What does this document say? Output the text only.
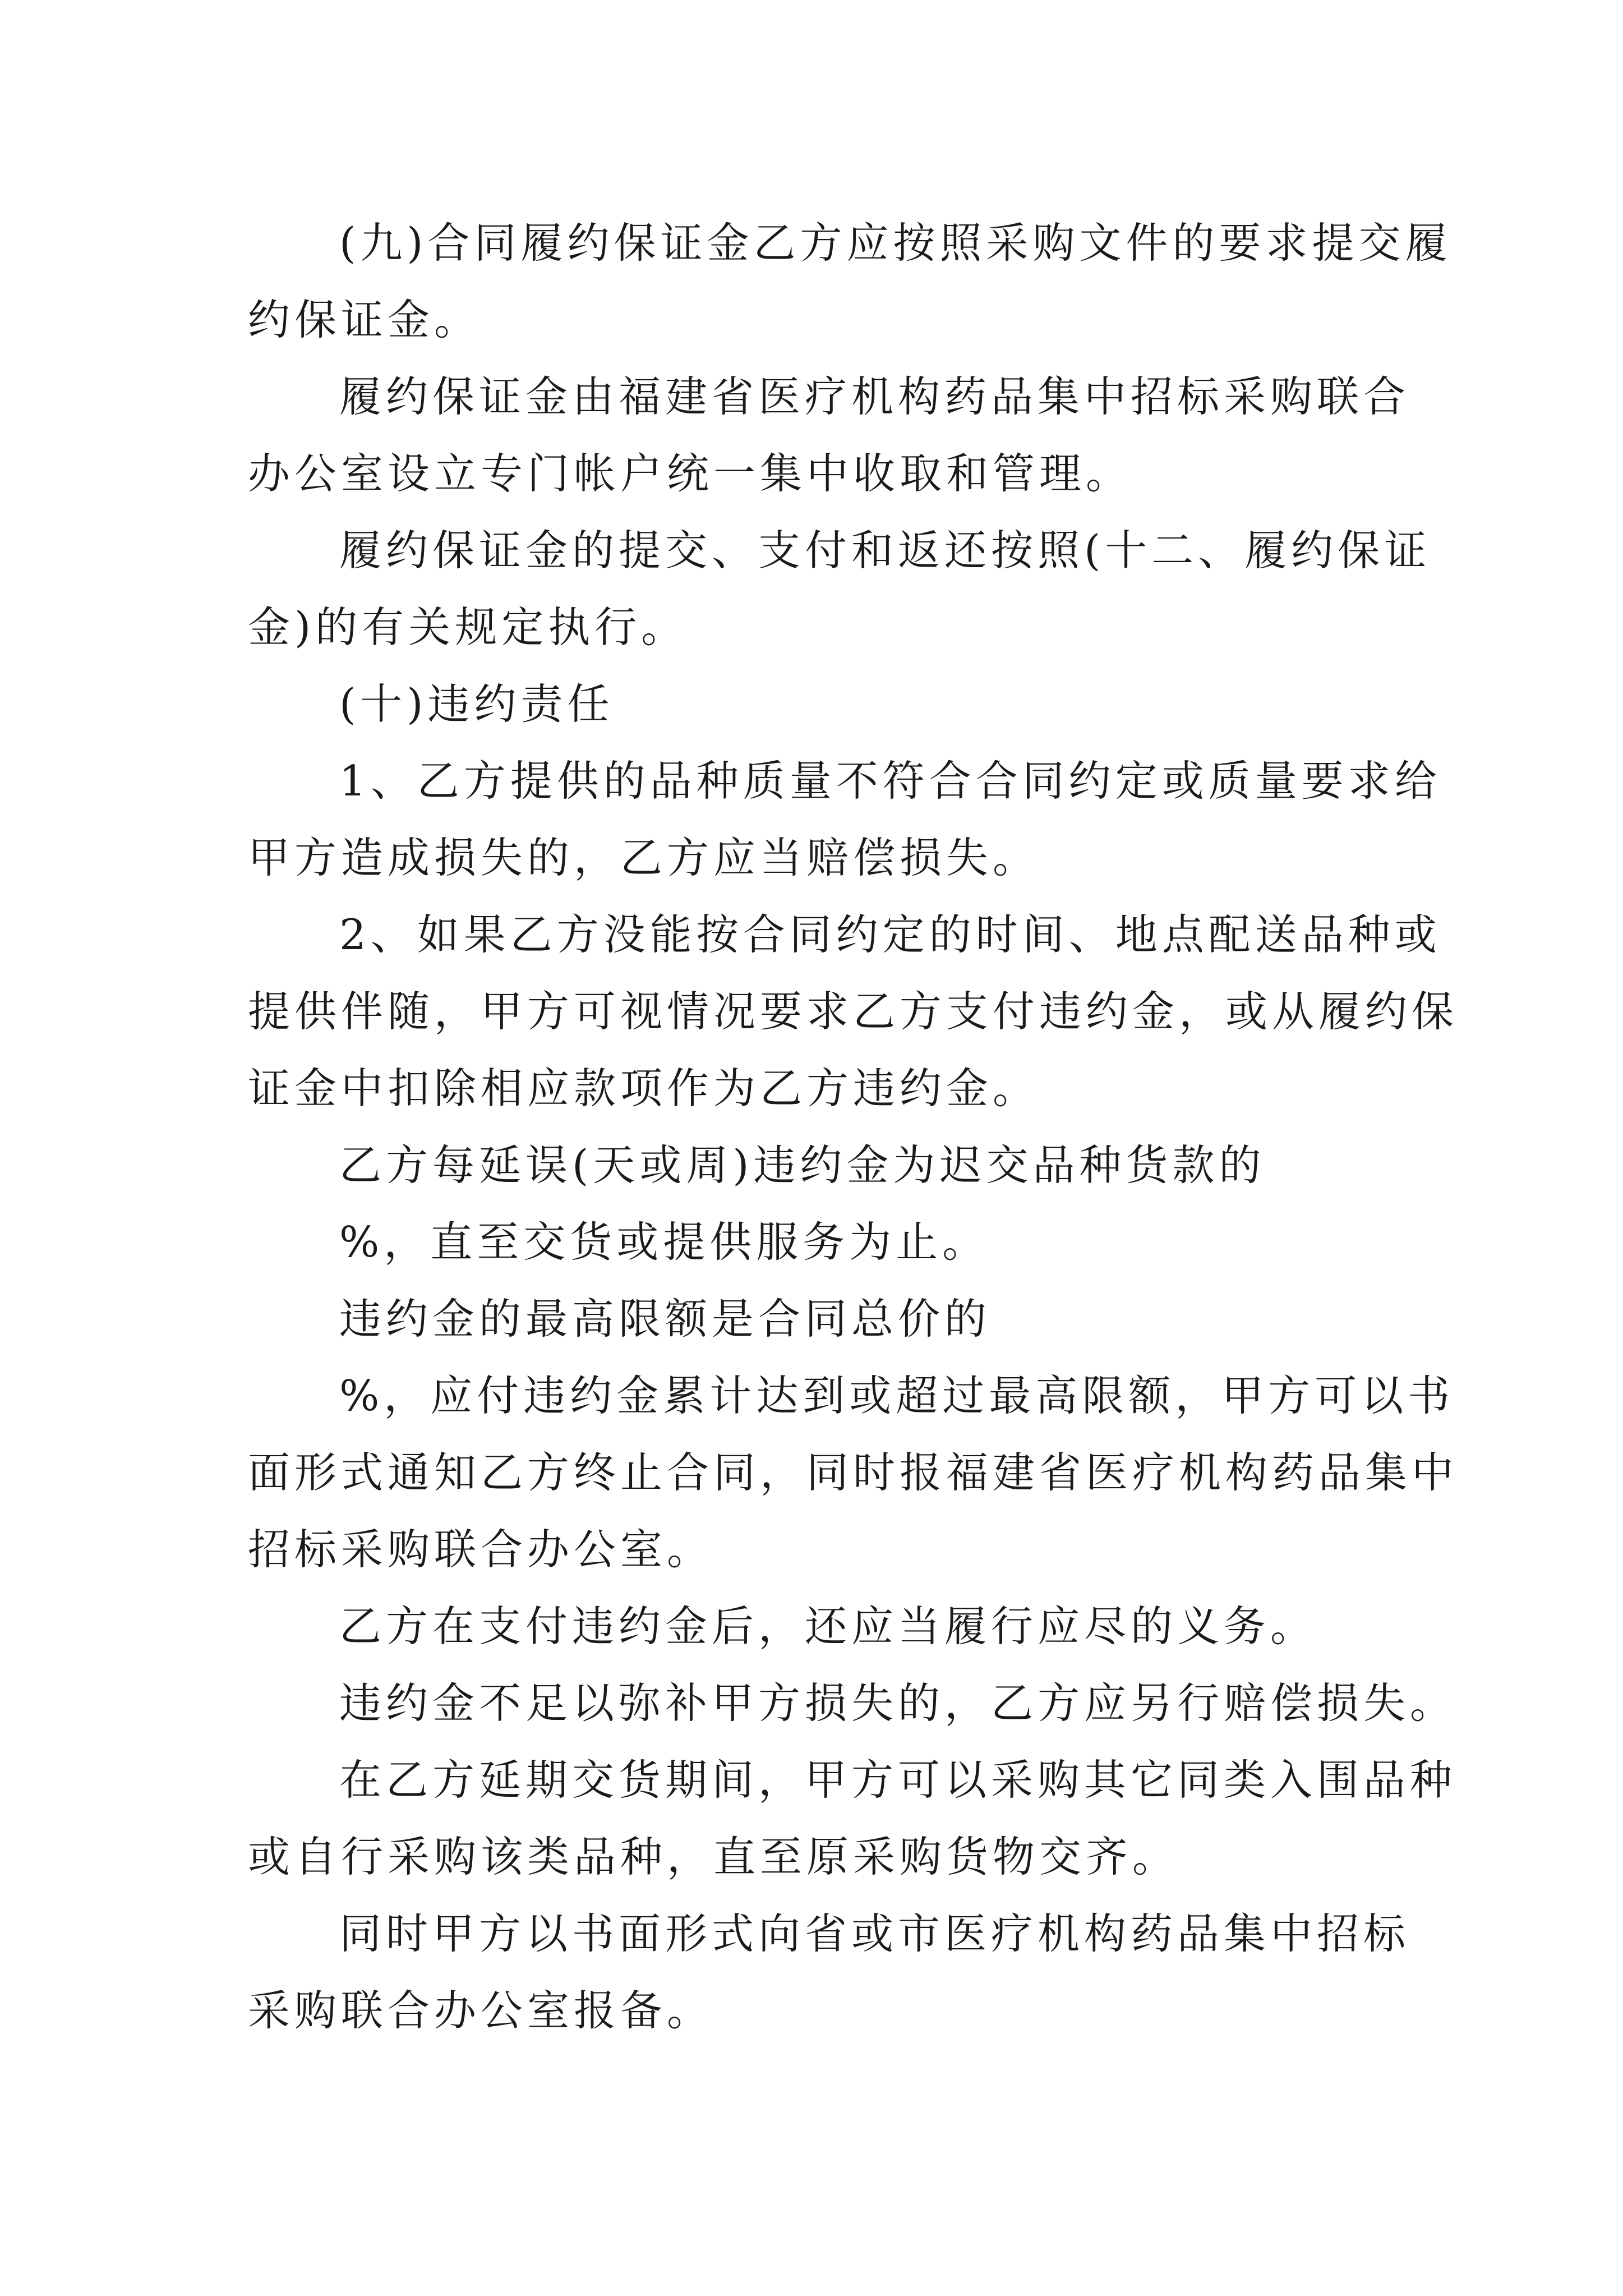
(九)合同履约保证金乙方应按照采购文件的要求提交履
约保证金。
履约保证金由福建省医疗机构药品集中招标采购联合
办公室设立专门帐户统一集中收取和管理。
履约保证金的提交、支付和返还按照(十二、履约保证
金)的有关规定执行。
(十)违约责任
1、乙方提供的品种质量不符合合同约定或质量要求给
甲方造成损失的，乙方应当赔偿损失。
2、如果乙方没能按合同约定的时间、地点配送品种或
提供伴随，甲方可视情况要求乙方支付违约金，或从履约保
证金中扣除相应款项作为乙方违约金。
乙方每延误(天或周)违约金为迟交品种货款的
%，直至交货或提供服务为止。
违约金的最高限额是合同总价的
%，应付违约金累计达到或超过最高限额，甲方可以书
面形式通知乙方终止合同，同时报福建省医疗机构药品集中
招标采购联合办公室。
乙方在支付违约金后，还应当履行应尽的义务。
违约金不足以弥补甲方损失的，乙方应另行赔偿损失。
在乙方延期交货期间，甲方可以采购其它同类入围品种
或自行采购该类品种，直至原采购货物交齐。
同时甲方以书面形式向省或市医疗机构药品集中招标
采购联合办公室报备。
